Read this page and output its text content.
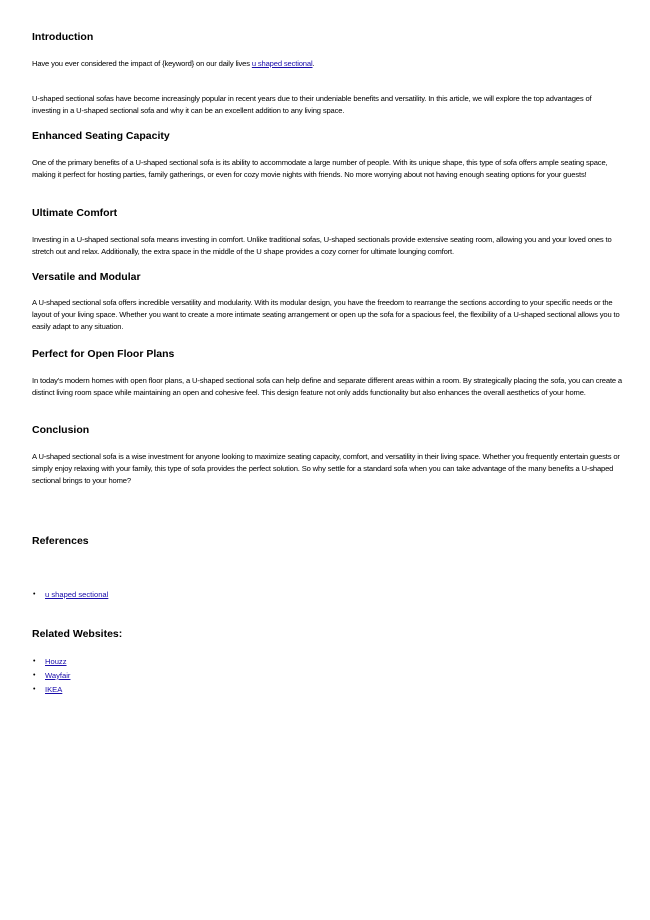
Introduction

Have you ever considered the impact of {keyword} on our daily lives u shaped sectional.

U-shaped sectional sofas have become increasingly popular in recent years due to their undeniable benefits and versatility. In this article, we will explore the top advantages of investing in a U-shaped sectional sofa and why it can be an excellent addition to any living space.

Enhanced Seating Capacity

One of the primary benefits of a U-shaped sectional sofa is its ability to accommodate a large number of people. With its unique shape, this type of sofa offers ample seating space, making it perfect for hosting parties, family gatherings, or even for cozy movie nights with friends. No more worrying about not having enough seating options for your guests!

Ultimate Comfort

Investing in a U-shaped sectional sofa means investing in comfort. Unlike traditional sofas, U-shaped sectionals provide extensive seating room, allowing you and your loved ones to stretch out and relax. Additionally, the extra space in the middle of the U shape provides a cozy corner for ultimate lounging comfort.

Versatile and Modular

A U-shaped sectional sofa offers incredible versatility and modularity. With its modular design, you have the freedom to rearrange the sections according to your specific needs or the layout of your living space. Whether you want to create a more intimate seating arrangement or open up the sofa for a spacious feel, the flexibility of a U-shaped sectional allows you to easily adapt to any situation.

Perfect for Open Floor Plans

In today's modern homes with open floor plans, a U-shaped sectional sofa can help define and separate different areas within a room. By strategically placing the sofa, you can create a distinct living room space while maintaining an open and cohesive feel. This design feature not only adds functionality but also enhances the overall aesthetics of your home.

Conclusion

A U-shaped sectional sofa is a wise investment for anyone looking to maximize seating capacity, comfort, and versatility in their living space. Whether you frequently entertain guests or simply enjoy relaxing with your family, this type of sofa provides the perfect solution. So why settle for a standard sofa when you can take advantage of the many benefits a U-shaped sectional brings to your home?

References
• u shaped sectional
Related Websites:
• Houzz
• Wayfair
• IKEA
